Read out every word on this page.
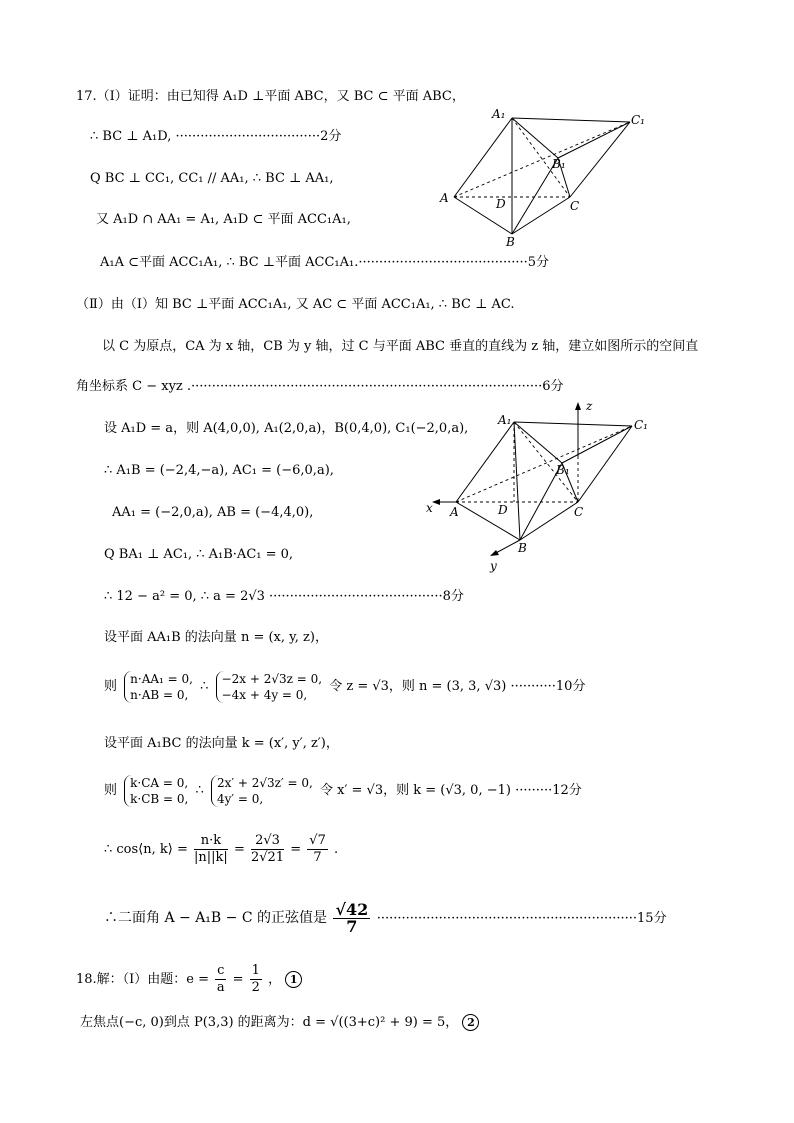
17.（Ⅰ）证明：由已知得 A₁D ⊥平面 ABC，又 BC ⊂ 平面 ABC，
∴ BC ⊥ A₁D, ···································2分
Q BC ⊥ CC₁, CC₁ // AA₁, ∴ BC ⊥ AA₁,
又 A₁D ∩ AA₁ = A₁, A₁D ⊂ 平面 ACC₁A₁,
A₁A ⊂平面 ACC₁A₁, ∴ BC ⊥平面 ACC₁A₁.·········································5分
（Ⅱ）由（Ⅰ）知 BC ⊥平面 ACC₁A₁, 又 AC ⊂ 平面 ACC₁A₁, ∴ BC ⊥ AC.
以 C 为原点，CA 为 x 轴，CB 为 y 轴，过 C 与平面 ABC 垂直的直线为 z 轴，建立如图所示的空间直
角坐标系 C − xyz .·····················································································6分
设 A₁D = a，则 A(4,0,0), A₁(2,0,a)，B(0,4,0), C₁(−2,0,a),
∴ A₁B = (−2,4,−a), AC₁ = (−6,0,a),
AA₁ = (−2,0,a), AB = (−4,4,0),
Q BA₁ ⊥ AC₁, ∴ A₁B·AC₁ = 0,
∴ 12 − a² = 0, ∴ a = 2√3 ··········································8分
设平面 AA₁B 的法向量 n = (x, y, z)，
则
n·AA₁ = 0,
n·AB = 0,
∴
−2x + 2√3z = 0,
−4x + 4y = 0,
令 z = √3，则 n = (3, 3, √3) ···········10分
设平面 A₁BC 的法向量 k = (x′, y′, z′)，
则
k·CA = 0,
k·CB = 0,
∴
2x′ + 2√3z′ = 0,
4y′ = 0,
令 x′ = √3，则 k = (√3, 0, −1) ·········12分
∴ cos⟨n, k⟩ = $\frac{n\cdot k}{|n||k|} = \frac{2√3}{2√21} = \frac{√7}{7}$ .
∴二面角 A − A₁B − C 的正弦值是 $\frac{√42}{7} \cdot\cdot\cdot\cdot\cdot\cdot\cdot\cdot\cdot\cdot\cdot\cdot\cdot\cdot\cdot\cdot\cdot\cdot\cdot\cdot\cdot\cdot\cdot\cdot\cdot\cdot\cdot\cdot\cdot\cdot\cdot\cdot\cdot\cdot\cdot\cdot\cdot\cdot\cdot\cdot\cdot\cdot\cdot\cdot\cdot\cdot\cdot\cdot\cdot\cdot\cdot\cdot\cdot\cdot\cdot\cdot\cdot\cdot\cdot\cdot\cdot\cdot\cdot 15$分
18.解：（Ⅰ）由题：$e = \frac{c}{a} = \frac{1}{2}$ ， 1
左焦点(−c, 0)到点 P(3,3) 的距离为：d = √((3+c)² + 9) = 5， 2
A₁	C₁
B₁
A	D	C
B
A₁	C₁
B₁
A	D	C
B
x
y
z
